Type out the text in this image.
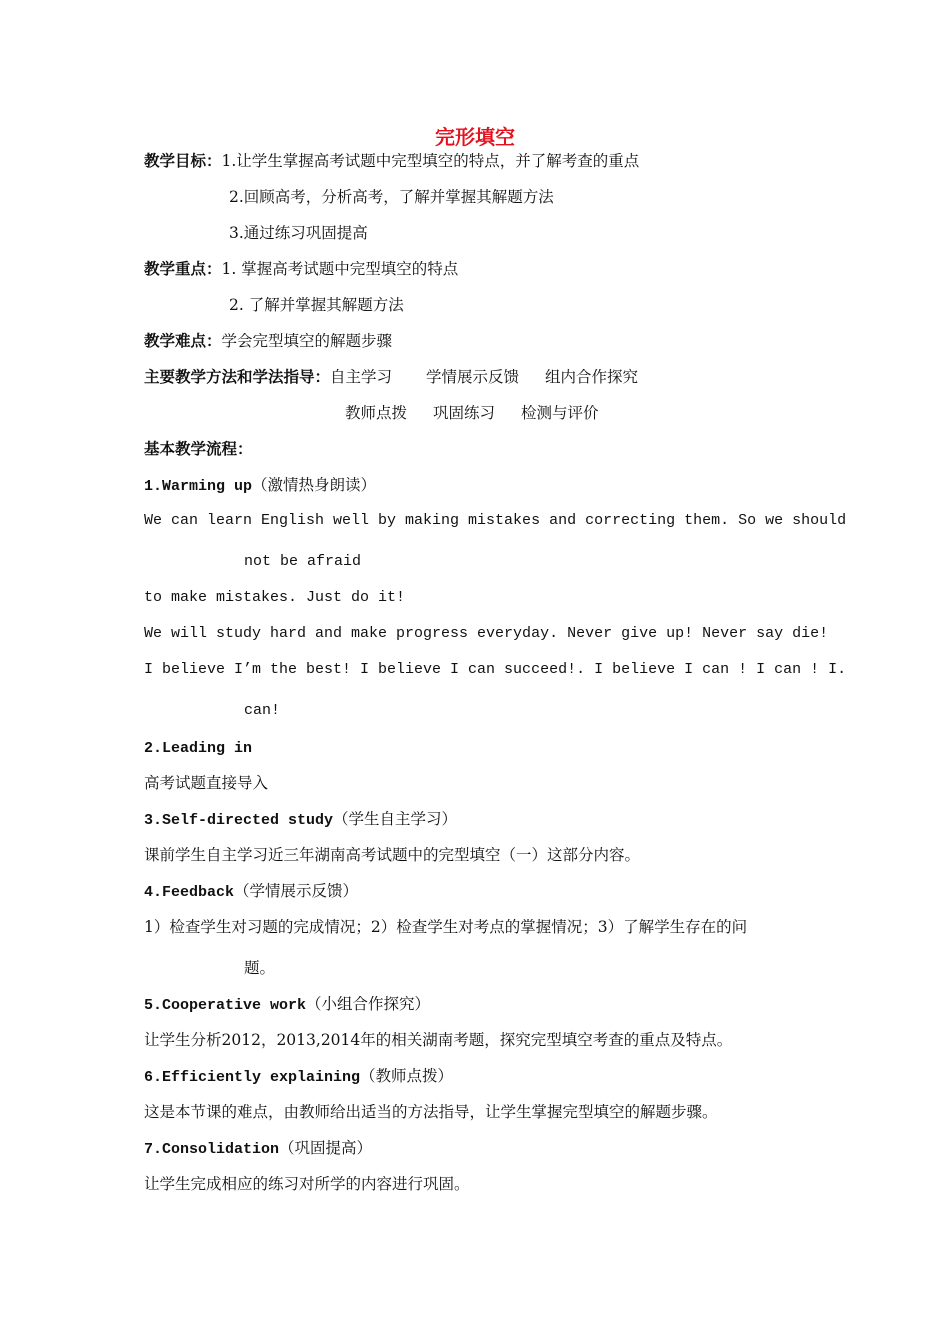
完形填空
教学目标：1.让学生掌握高考试题中完型填空的特点，并了解考查的重点
2.回顾高考，分析高考，了解并掌握其解题方法
3.通过练习巩固提高
教学重点：1. 掌握高考试题中完型填空的特点
2. 了解并掌握其解题方法
教学难点：学会完型填空的解题步骤
主要教学方法和学法指导：自主学习 学情展示反馈 组内合作探究
教师点拨 巩固练习 检测与评价
基本教学流程：
1.Warming up（激情热身朗读）
We can learn English well by making mistakes and correcting them. So we should
not be afraid
to make mistakes. Just do it!
We will study hard and make progress everyday. Never give up! Never say die!
I believe I’m the best! I believe I can succeed!. I believe I can ! I can ! I.
can!
2.Leading in
高考试题直接导入
3.Self-directed study（学生自主学习）
课前学生自主学习近三年湖南高考试题中的完型填空（一）这部分内容。
4.Feedback（学情展示反馈）
1）检查学生对习题的完成情况；2）检查学生对考点的掌握情况；3）了解学生存在的问
题。
5.Cooperative work（小组合作探究）
让学生分析2012，2013,2014年的相关湖南考题，探究完型填空考查的重点及特点。
6.Efficiently explaining（教师点拨）
这是本节课的难点，由教师给出适当的方法指导，让学生掌握完型填空的解题步骤。
7.Consolidation（巩固提高）
让学生完成相应的练习对所学的内容进行巩固。
